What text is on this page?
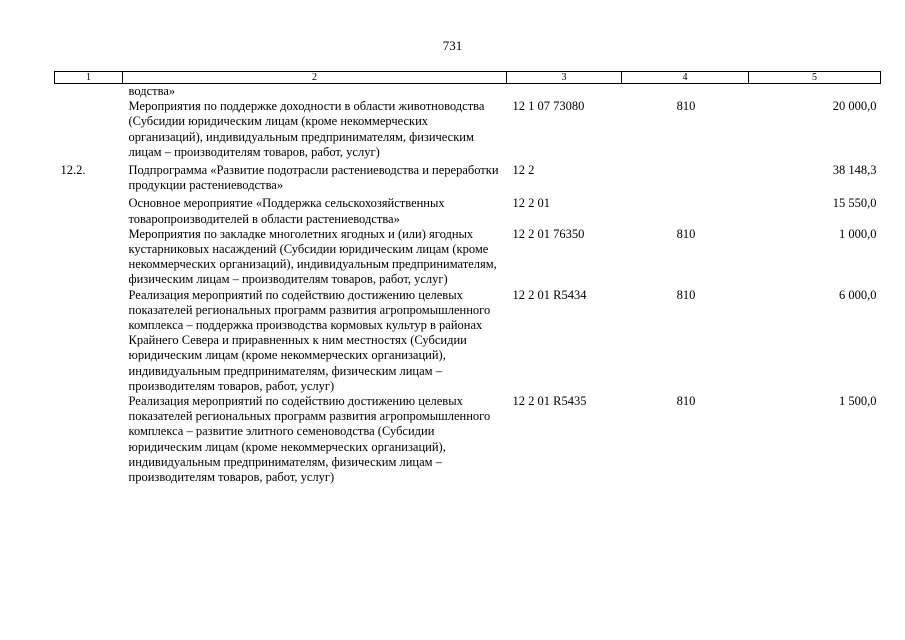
731
1	2	3	4	5
	водства»			
	Мероприятия по поддержке доходности в области животноводства (Субсидии юридическим лицам (кроме некоммерческих организаций), индивидуальным предпринимателям, физическим лицам – производителям товаров, работ, услуг)	12 1 07 73080	810	20 000,0
12.2.	Подпрограмма «Развитие подотрасли растениеводства и переработки продукции растениеводства»	12 2		38 148,3
	Основное мероприятие «Поддержка сельскохозяйственных товаропроизводителей в области растениеводства»	12 2 01		15 550,0
	Мероприятия по закладке многолетних ягодных и (или) ягодных кустарниковых насаждений (Субсидии юридическим лицам (кроме некоммерческих организаций), индивидуальным предпринимателям, физическим лицам – производителям товаров, работ, услуг)	12 2 01 76350	810	1 000,0
	Реализация мероприятий по содействию достижению целевых показателей региональных программ развития агропромышленного комплекса – поддержка производства кормовых культур в районах Крайнего Севера и приравненных к ним местностях (Субсидии юридическим лицам (кроме некоммерческих организаций), индивидуальным предпринимателям, физическим лицам – производителям товаров, работ, услуг)	12 2 01 R5434	810	6 000,0
	Реализация мероприятий по содействию достижению целевых показателей региональных программ развития агропромышленного комплекса – развитие элитного семеноводства (Субсидии юридическим лицам (кроме некоммерческих организаций), индивидуальным предпринимателям, физическим лицам – производителям товаров, работ, услуг)	12 2 01 R5435	810	1 500,0
